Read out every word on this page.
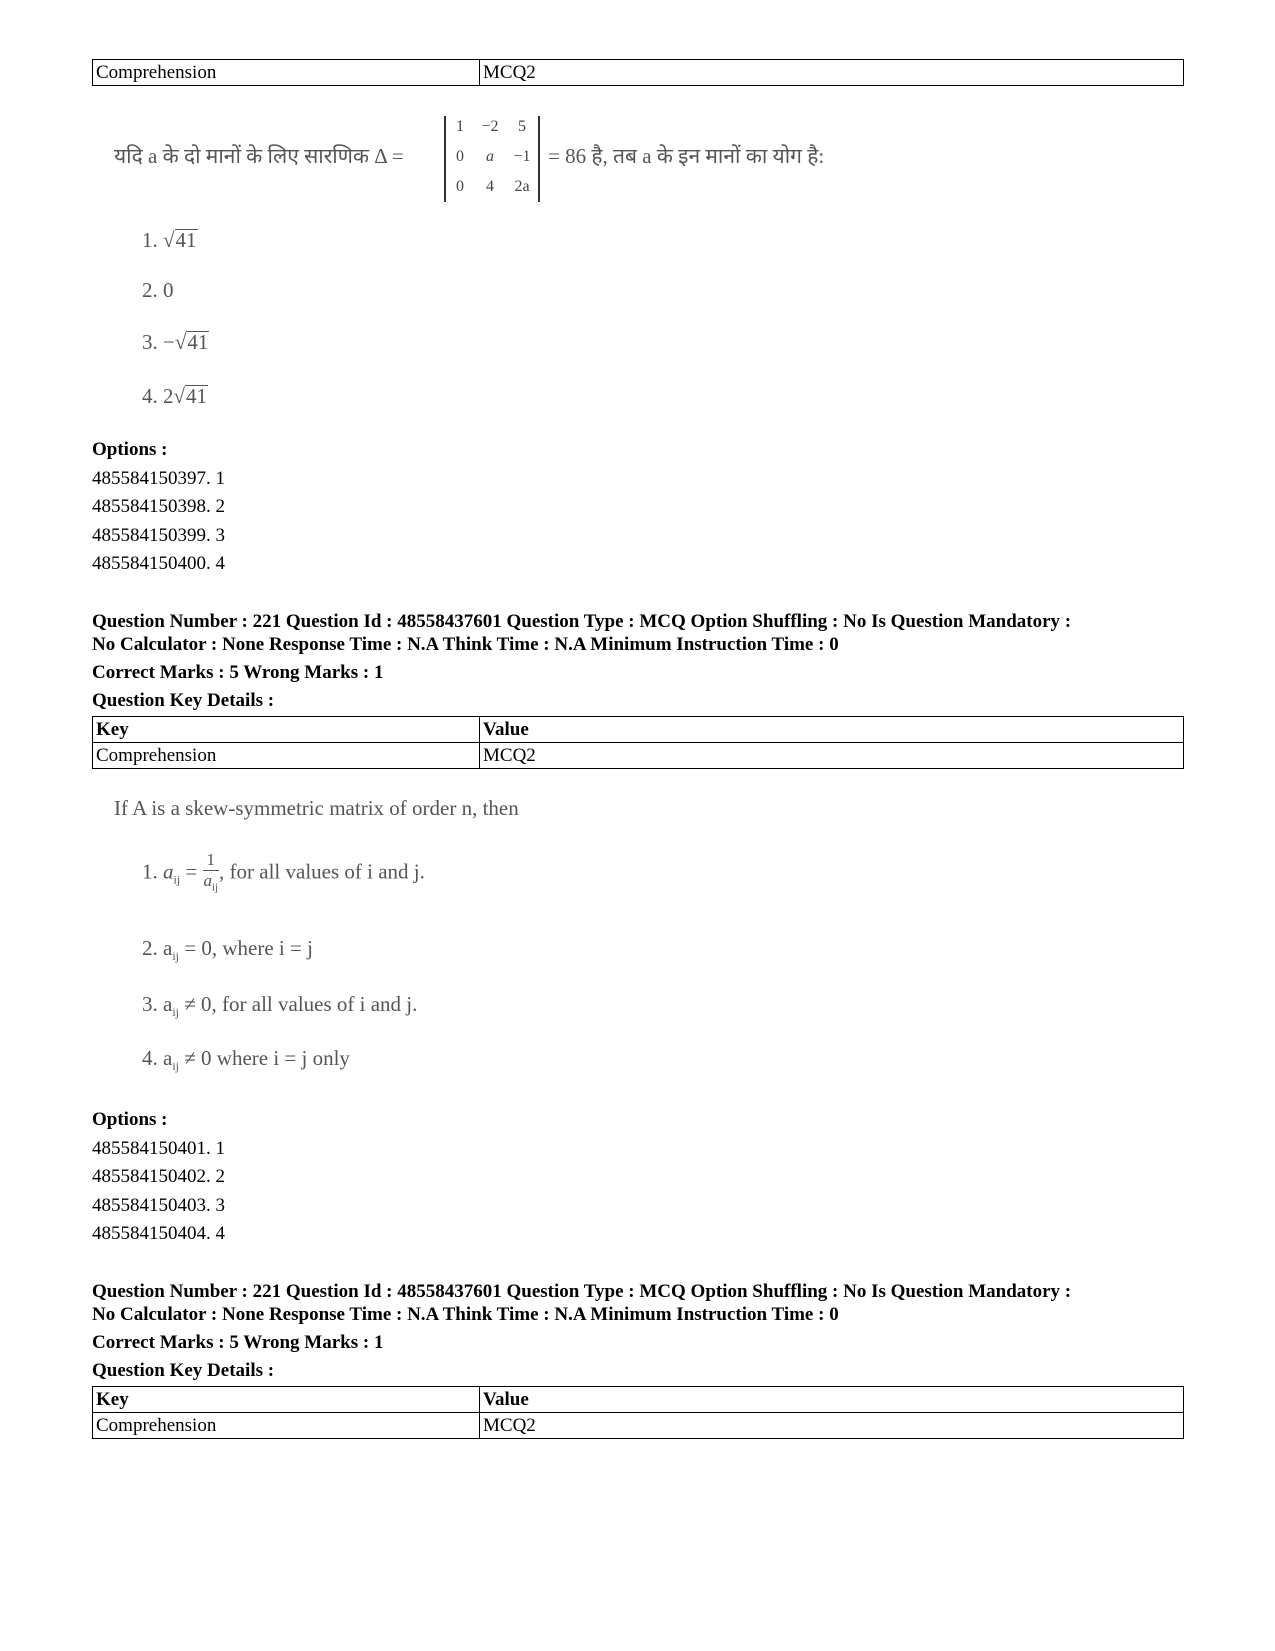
Comprehension	MCQ2
यदि a के दो मानों के लिए सारणिक Δ =
1	−2	5
0	a	−1
0	4	2a
= 86 है, तब a के इन मानों का योग है:
1. √41
2. 0
3. −√41
4. 2√41
Options :
485584150397. 1
485584150398. 2
485584150399. 3
485584150400. 4
Question Number : 221 Question Id : 48558437601 Question Type : MCQ Option Shuffling : No Is Question Mandatory :
No Calculator : None Response Time : N.A Think Time : N.A Minimum Instruction Time : 0
Correct Marks : 5 Wrong Marks : 1
Question Key Details :
Key	Value
Comprehension	MCQ2
If A is a skew-symmetric matrix of order n, then
1. $a_{ij} = \frac{1}{a_{ij}}$ , for all values of i and j.
2. $a_{ij} = 0$, where i = j
3. $a_{ij} \ne 0$, for all values of i and j.
4. $a_{ij} \ne 0$ where i = j only
Options :
485584150401. 1
485584150402. 2
485584150403. 3
485584150404. 4
Question Number : 221 Question Id : 48558437601 Question Type : MCQ Option Shuffling : No Is Question Mandatory :
No Calculator : None Response Time : N.A Think Time : N.A Minimum Instruction Time : 0
Correct Marks : 5 Wrong Marks : 1
Question Key Details :
Key	Value
Comprehension	MCQ2
